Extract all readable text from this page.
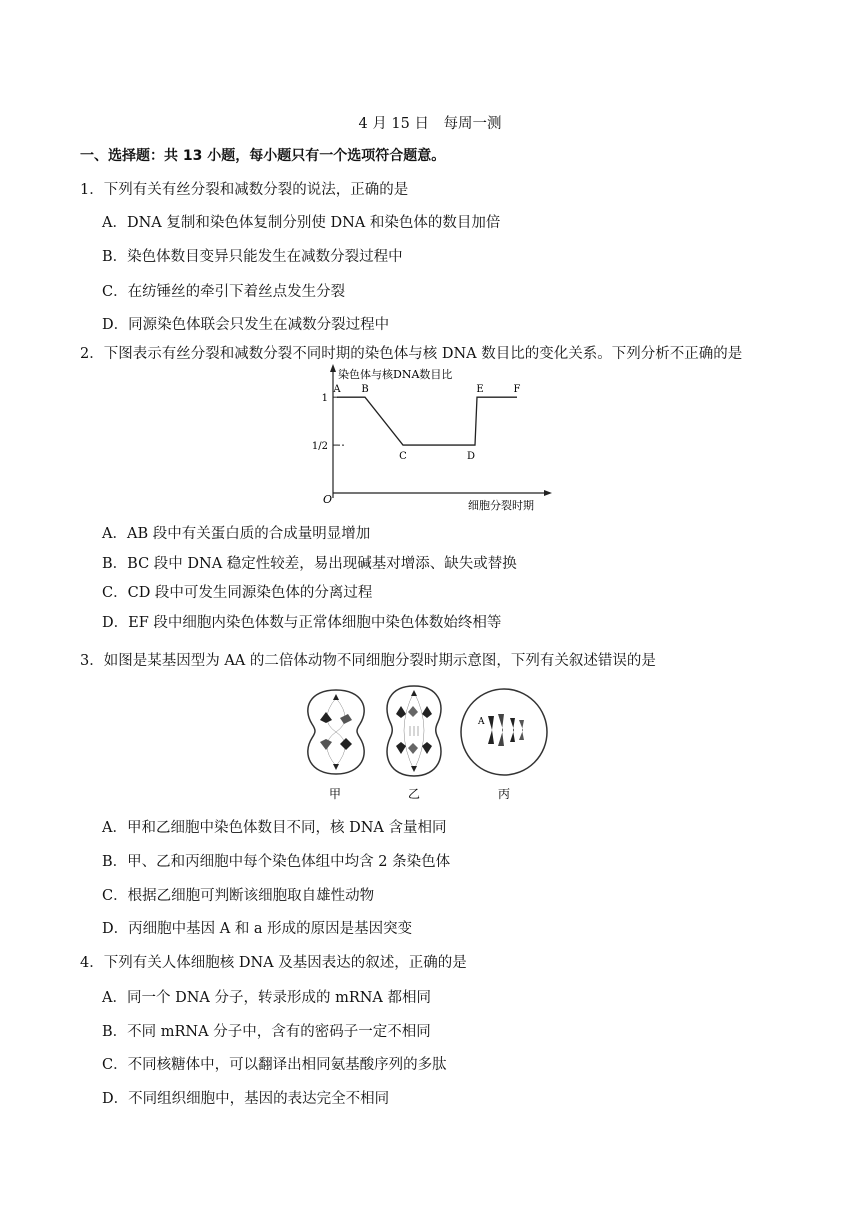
4 月 15 日　每周一测
一、选择题：共 13 小题，每小题只有一个选项符合题意。
1．下列有关有丝分裂和减数分裂的说法，正确的是
A．DNA 复制和染色体复制分别使 DNA 和染色体的数目加倍
B．染色体数目变异只能发生在减数分裂过程中
C．在纺锤丝的牵引下着丝点发生分裂
D．同源染色体联会只发生在减数分裂过程中
2．下图表示有丝分裂和减数分裂不同时期的染色体与核 DNA 数目比的变化关系。下列分析不正确的是
染色体与核DNA数目比
细胞分裂时期
O
1
1/2
A B
C	D
E	F
A．AB 段中有关蛋白质的合成量明显增加
B．BC 段中 DNA 稳定性较差，易出现碱基对增添、缺失或替换
C．CD 段中可发生同源染色体的分离过程
D．EF 段中细胞内染色体数与正常体细胞中染色体数始终相等
3．如图是某基因型为 AA 的二倍体动物不同细胞分裂时期示意图，下列有关叙述错误的是
A
甲	乙	丙
A．甲和乙细胞中染色体数目不同，核 DNA 含量相同
B．甲、乙和丙细胞中每个染色体组中均含 2 条染色体
C．根据乙细胞可判断该细胞取自雄性动物
D．丙细胞中基因 A 和 a 形成的原因是基因突变
4．下列有关人体细胞核 DNA 及基因表达的叙述，正确的是
A．同一个 DNA 分子，转录形成的 mRNA 都相同
B．不同 mRNA 分子中，含有的密码子一定不相同
C．不同核糖体中，可以翻译出相同氨基酸序列的多肽
D．不同组织细胞中，基因的表达完全不相同
